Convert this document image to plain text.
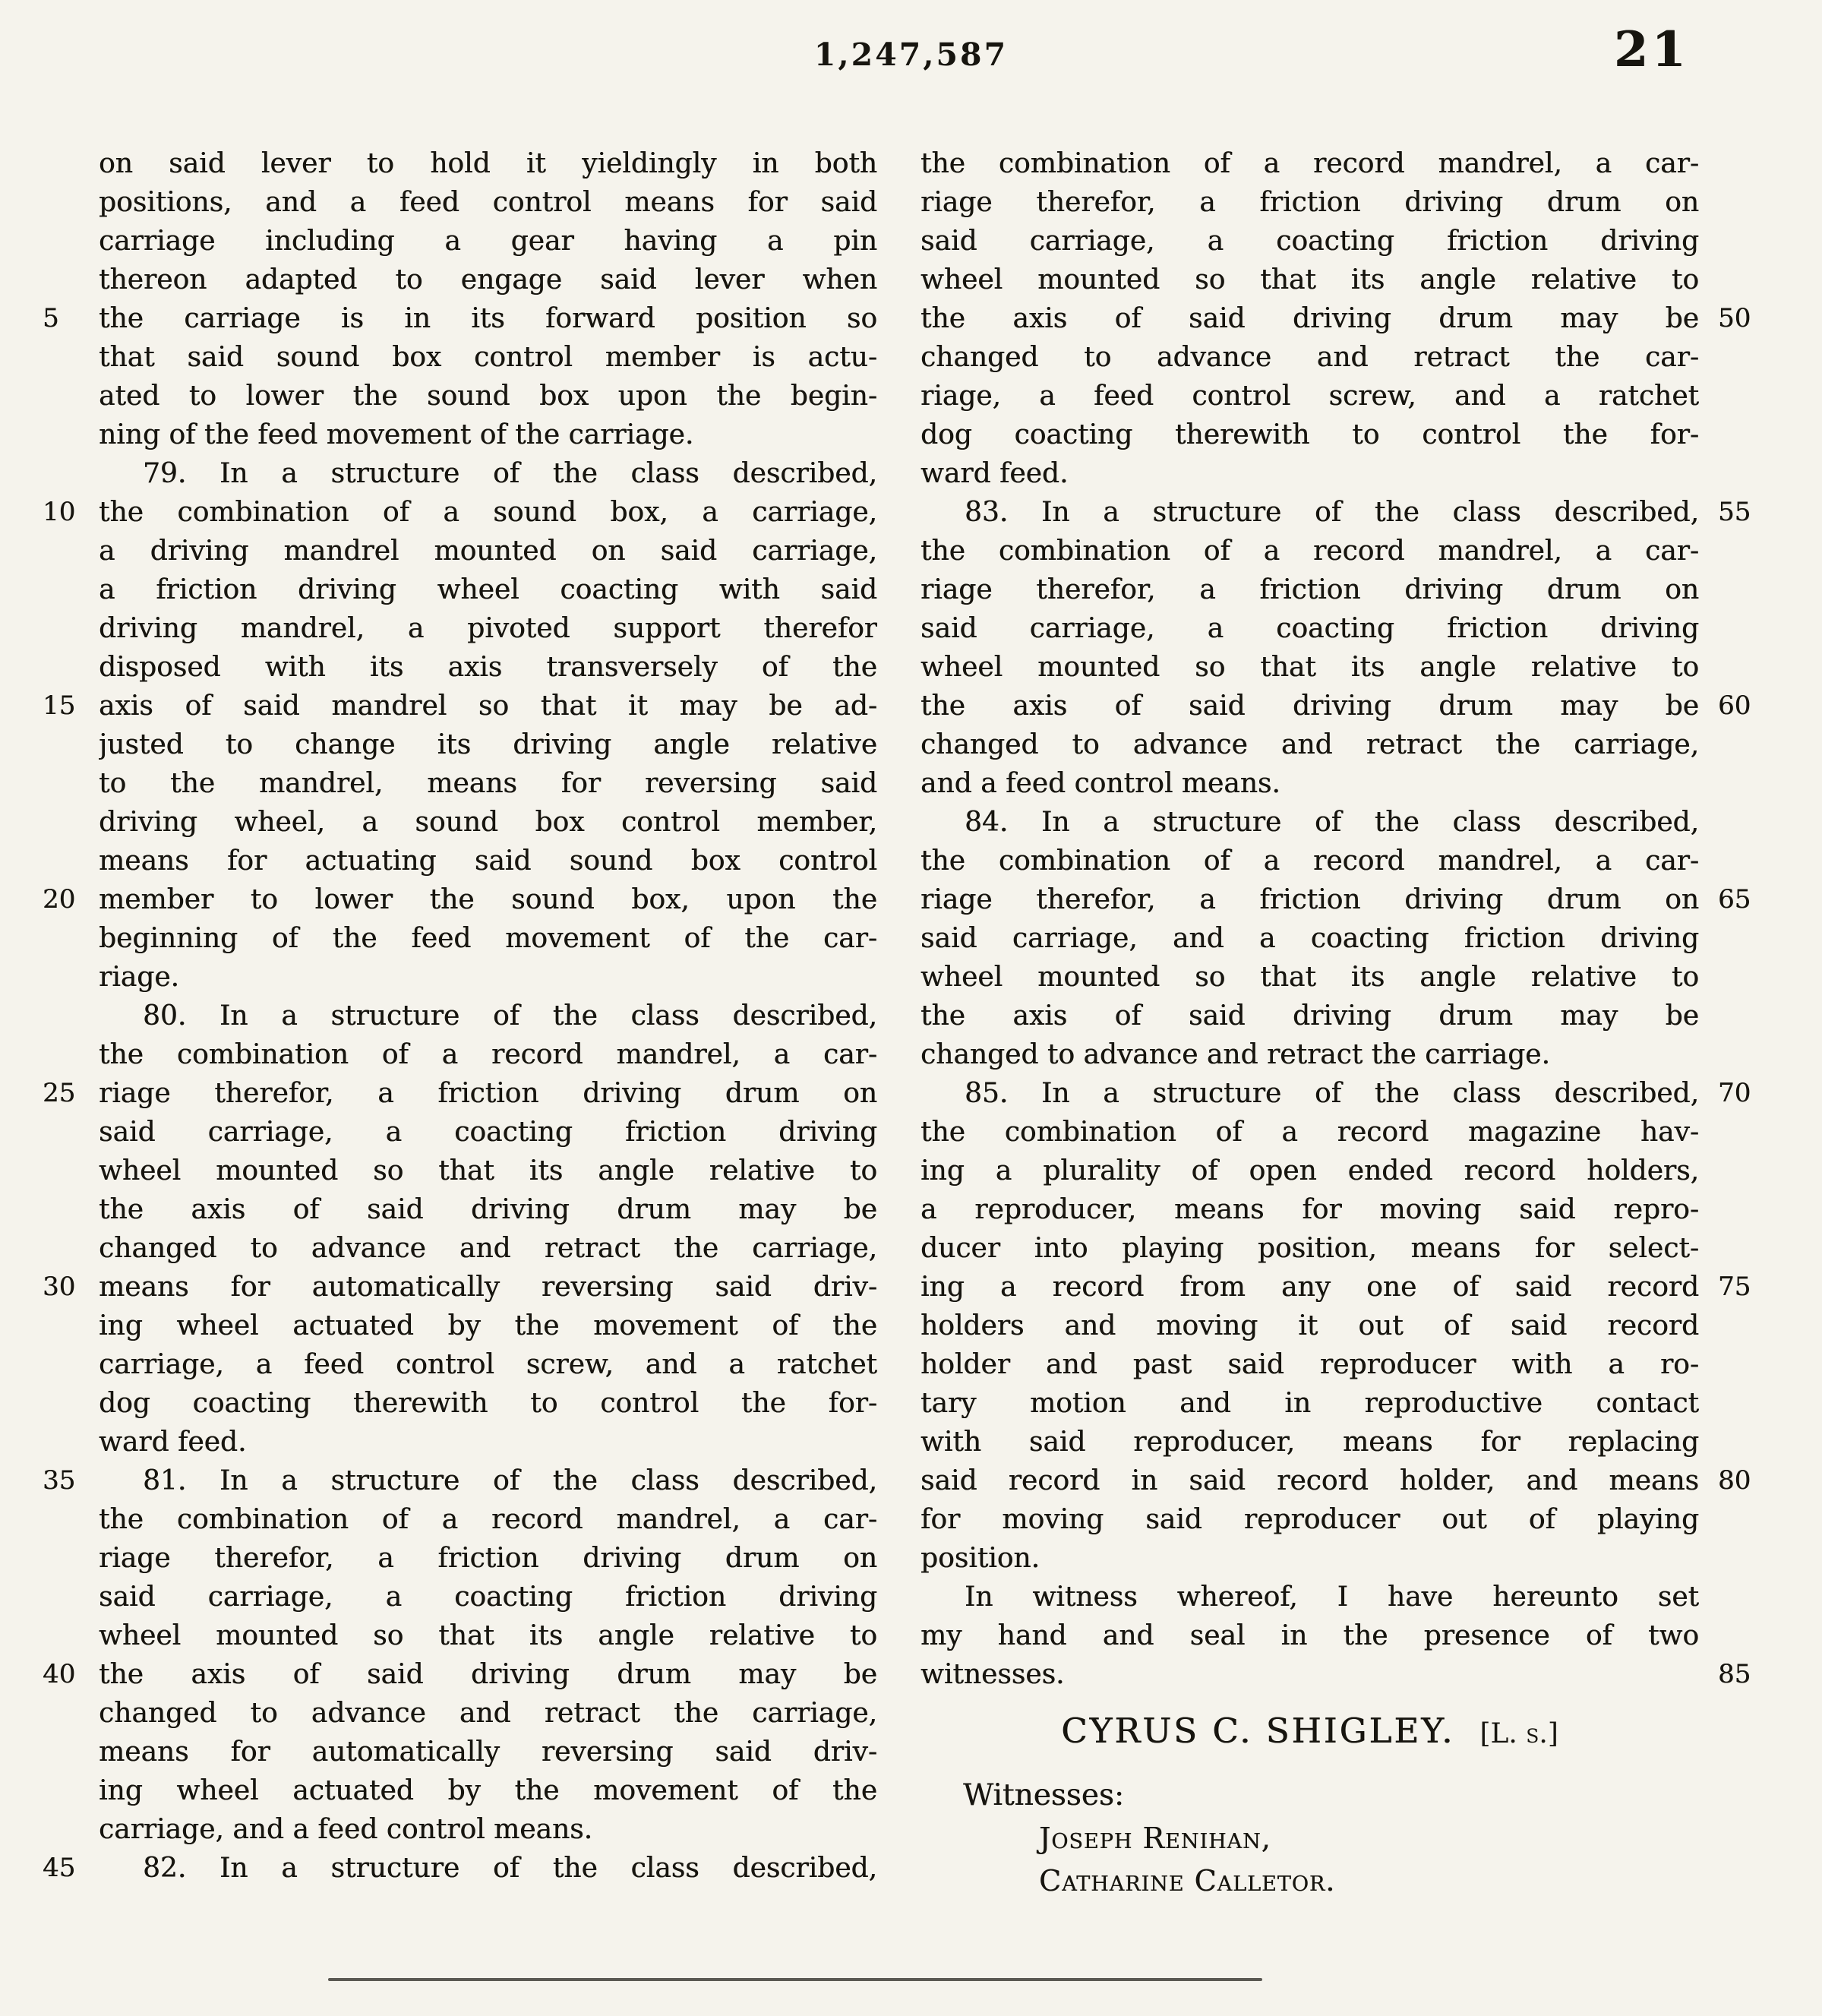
1,247,587	21
5
10
15
20
25
30
35
40
45
on said lever to hold it yieldingly in both
positions, and a feed control means for said
carriage including a gear having a pin
thereon adapted to engage said lever when
the carriage is in its forward position so
that said sound box control member is actu-
ated to lower the sound box upon the begin-
ning of the feed movement of the carriage.
79. In a structure of the class described,
the combination of a sound box, a carriage,
a driving mandrel mounted on said carriage,
a friction driving wheel coacting with said
driving mandrel, a pivoted support therefor
disposed with its axis transversely of the
axis of said mandrel so that it may be ad-
justed to change its driving angle relative
to the mandrel, means for reversing said
driving wheel, a sound box control member,
means for actuating said sound box control
member to lower the sound box, upon the
beginning of the feed movement of the car-
riage.
80. In a structure of the class described,
the combination of a record mandrel, a car-
riage therefor, a friction driving drum on
said carriage, a coacting friction driving
wheel mounted so that its angle relative to
the axis of said driving drum may be
changed to advance and retract the carriage,
means for automatically reversing said driv-
ing wheel actuated by the movement of the
carriage, a feed control screw, and a ratchet
dog coacting therewith to control the for-
ward feed.
81. In a structure of the class described,
the combination of a record mandrel, a car-
riage therefor, a friction driving drum on
said carriage, a coacting friction driving
wheel mounted so that its angle relative to
the axis of said driving drum may be
changed to advance and retract the carriage,
means for automatically reversing said driv-
ing wheel actuated by the movement of the
carriage, and a feed control means.
82. In a structure of the class described,
the combination of a record mandrel, a car-
riage therefor, a friction driving drum on
said carriage, a coacting friction driving
wheel mounted so that its angle relative to
the axis of said driving drum may be
changed to advance and retract the car-
riage, a feed control screw, and a ratchet
dog coacting therewith to control the for-
ward feed.
83. In a structure of the class described,
the combination of a record mandrel, a car-
riage therefor, a friction driving drum on
said carriage, a coacting friction driving
wheel mounted so that its angle relative to
the axis of said driving drum may be
changed to advance and retract the carriage,
and a feed control means.
84. In a structure of the class described,
the combination of a record mandrel, a car-
riage therefor, a friction driving drum on
said carriage, and a coacting friction driving
wheel mounted so that its angle relative to
the axis of said driving drum may be
changed to advance and retract the carriage.
85. In a structure of the class described,
the combination of a record magazine hav-
ing a plurality of open ended record holders,
a reproducer, means for moving said repro-
ducer into playing position, means for select-
ing a record from any one of said record
holders and moving it out of said record
holder and past said reproducer with a ro-
tary motion and in reproductive contact
with said reproducer, means for replacing
said record in said record holder, and means
for moving said reproducer out of playing
position.
In witness whereof, I have hereunto set
my hand and seal in the presence of two
witnesses.
50
55
60
65
70
75
80
85
CYRUS C. SHIGLEY. [L. s.]
Witnesses:
Joseph Renihan,
Catharine Calletor.
